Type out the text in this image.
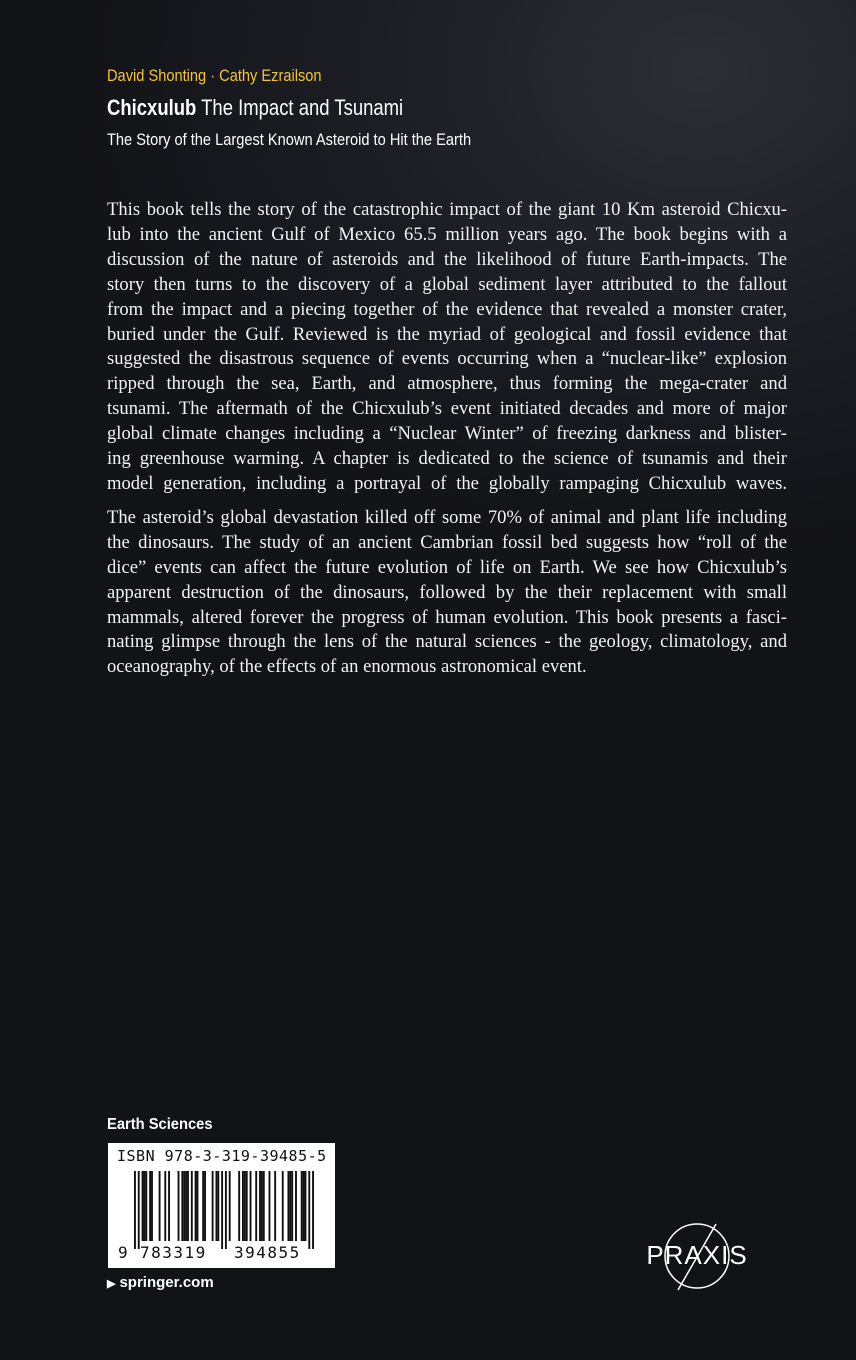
David Shonting · Cathy Ezrailson
Chicxulub The Impact and Tsunami
The Story of the Largest Known Asteroid to Hit the Earth
This book tells the story of the catastrophic impact of the giant 10 Km asteroid Chicxu-
lub into the ancient Gulf of Mexico 65.5 million years ago. The book begins with a
discussion of the nature of asteroids and the likelihood of future Earth-impacts. The
story then turns to the discovery of a global sediment layer attributed to the fallout
from the impact and a piecing together of the evidence that revealed a monster crater,
buried under the Gulf. Reviewed is the myriad of geological and fossil evidence that
suggested the disastrous sequence of events occurring when a “nuclear-like” explosion
ripped through the sea, Earth, and atmosphere, thus forming the mega-crater and
tsunami. The aftermath of the Chicxulub’s event initiated decades and more of major
global climate changes including a “Nuclear Winter” of freezing darkness and blister-
ing greenhouse warming. A chapter is dedicated to the science of tsunamis and their
model generation, including a portrayal of the globally rampaging Chicxulub waves.
The asteroid’s global devastation killed off some 70% of animal and plant life including
the dinosaurs. The study of an ancient Cambrian fossil bed suggests how “roll of the
dice” events can affect the future evolution of life on Earth. We see how Chicxulub’s
apparent destruction of the dinosaurs, followed by the their replacement with small
mammals, altered forever the progress of human evolution. This book presents a fasci-
nating glimpse through the lens of the natural sciences - the geology, climatology, and
oceanography, of the effects of an enormous astronomical event.
Earth Sciences
ISBN 978-3-319-39485-5
9 783319 394855
▶ springer.com
PRAXIS
